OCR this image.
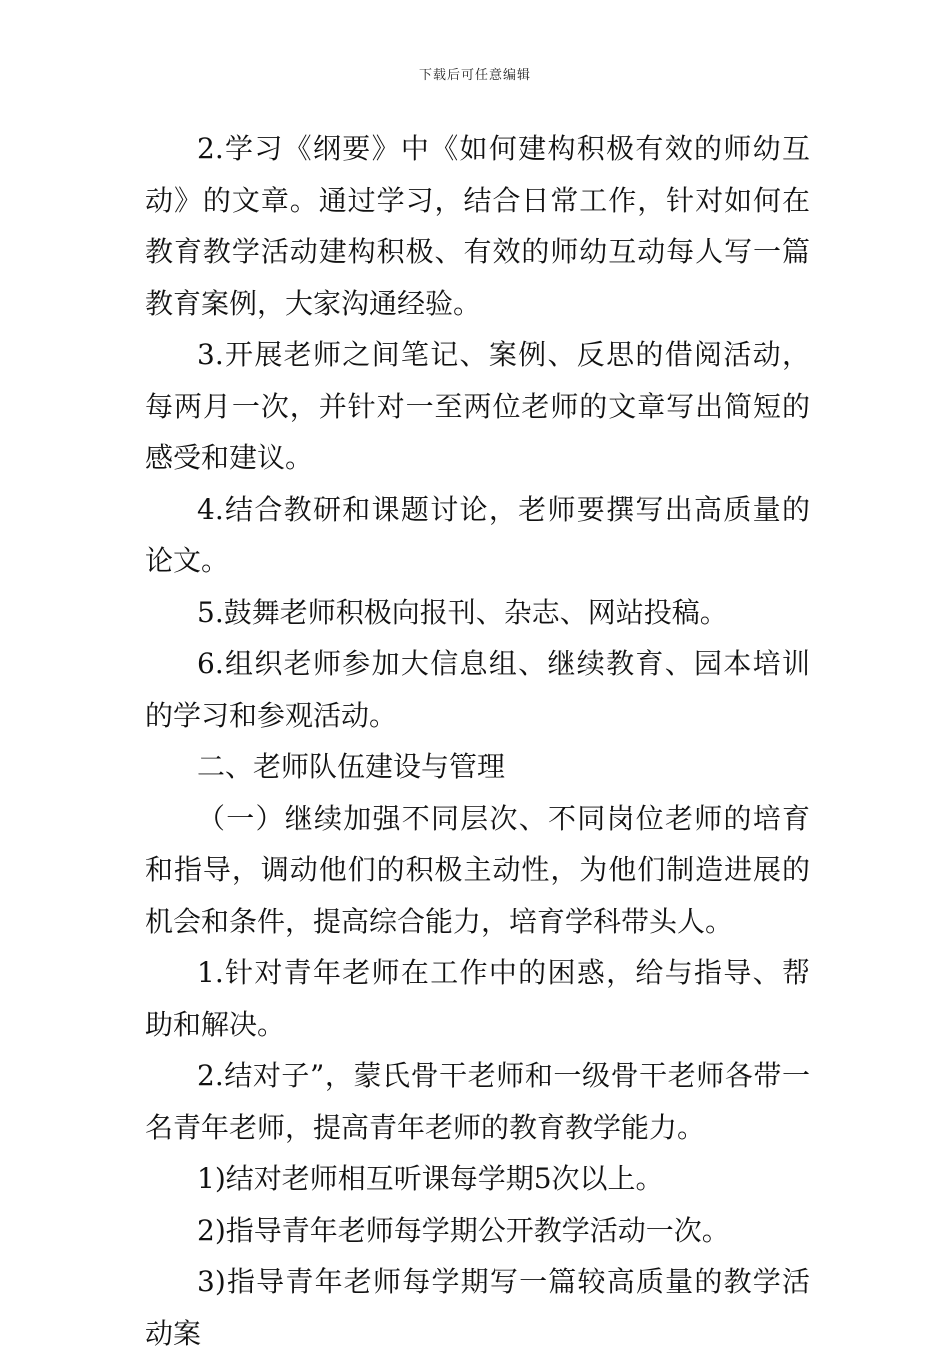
下载后可任意编辑

2.学习《纲要》中《如何建构积极有效的师幼互动》的文章。通过学习，结合日常工作，针对如何在教育教学活动建构积极、有效的师幼互动每人写一篇教育案例，大家沟通经验。

3.开展老师之间笔记、案例、反思的借阅活动，每两月一次，并针对一至两位老师的文章写出简短的感受和建议。

4.结合教研和课题讨论，老师要撰写出高质量的论文。

5.鼓舞老师积极向报刊、杂志、网站投稿。

6.组织老师参加大信息组、继续教育、园本培训的学习和参观活动。

二、老师队伍建设与管理

（一）继续加强不同层次、不同岗位老师的培育和指导，调动他们的积极主动性，为他们制造进展的机会和条件，提高综合能力，培育学科带头人。

1.针对青年老师在工作中的困惑，给与指导、帮助和解决。

2.结对子”，蒙氏骨干老师和一级骨干老师各带一名青年老师，提高青年老师的教育教学能力。

1)结对老师相互听课每学期5次以上。

2)指导青年老师每学期公开教学活动一次。

3)指导青年老师每学期写一篇较高质量的教学活动案
